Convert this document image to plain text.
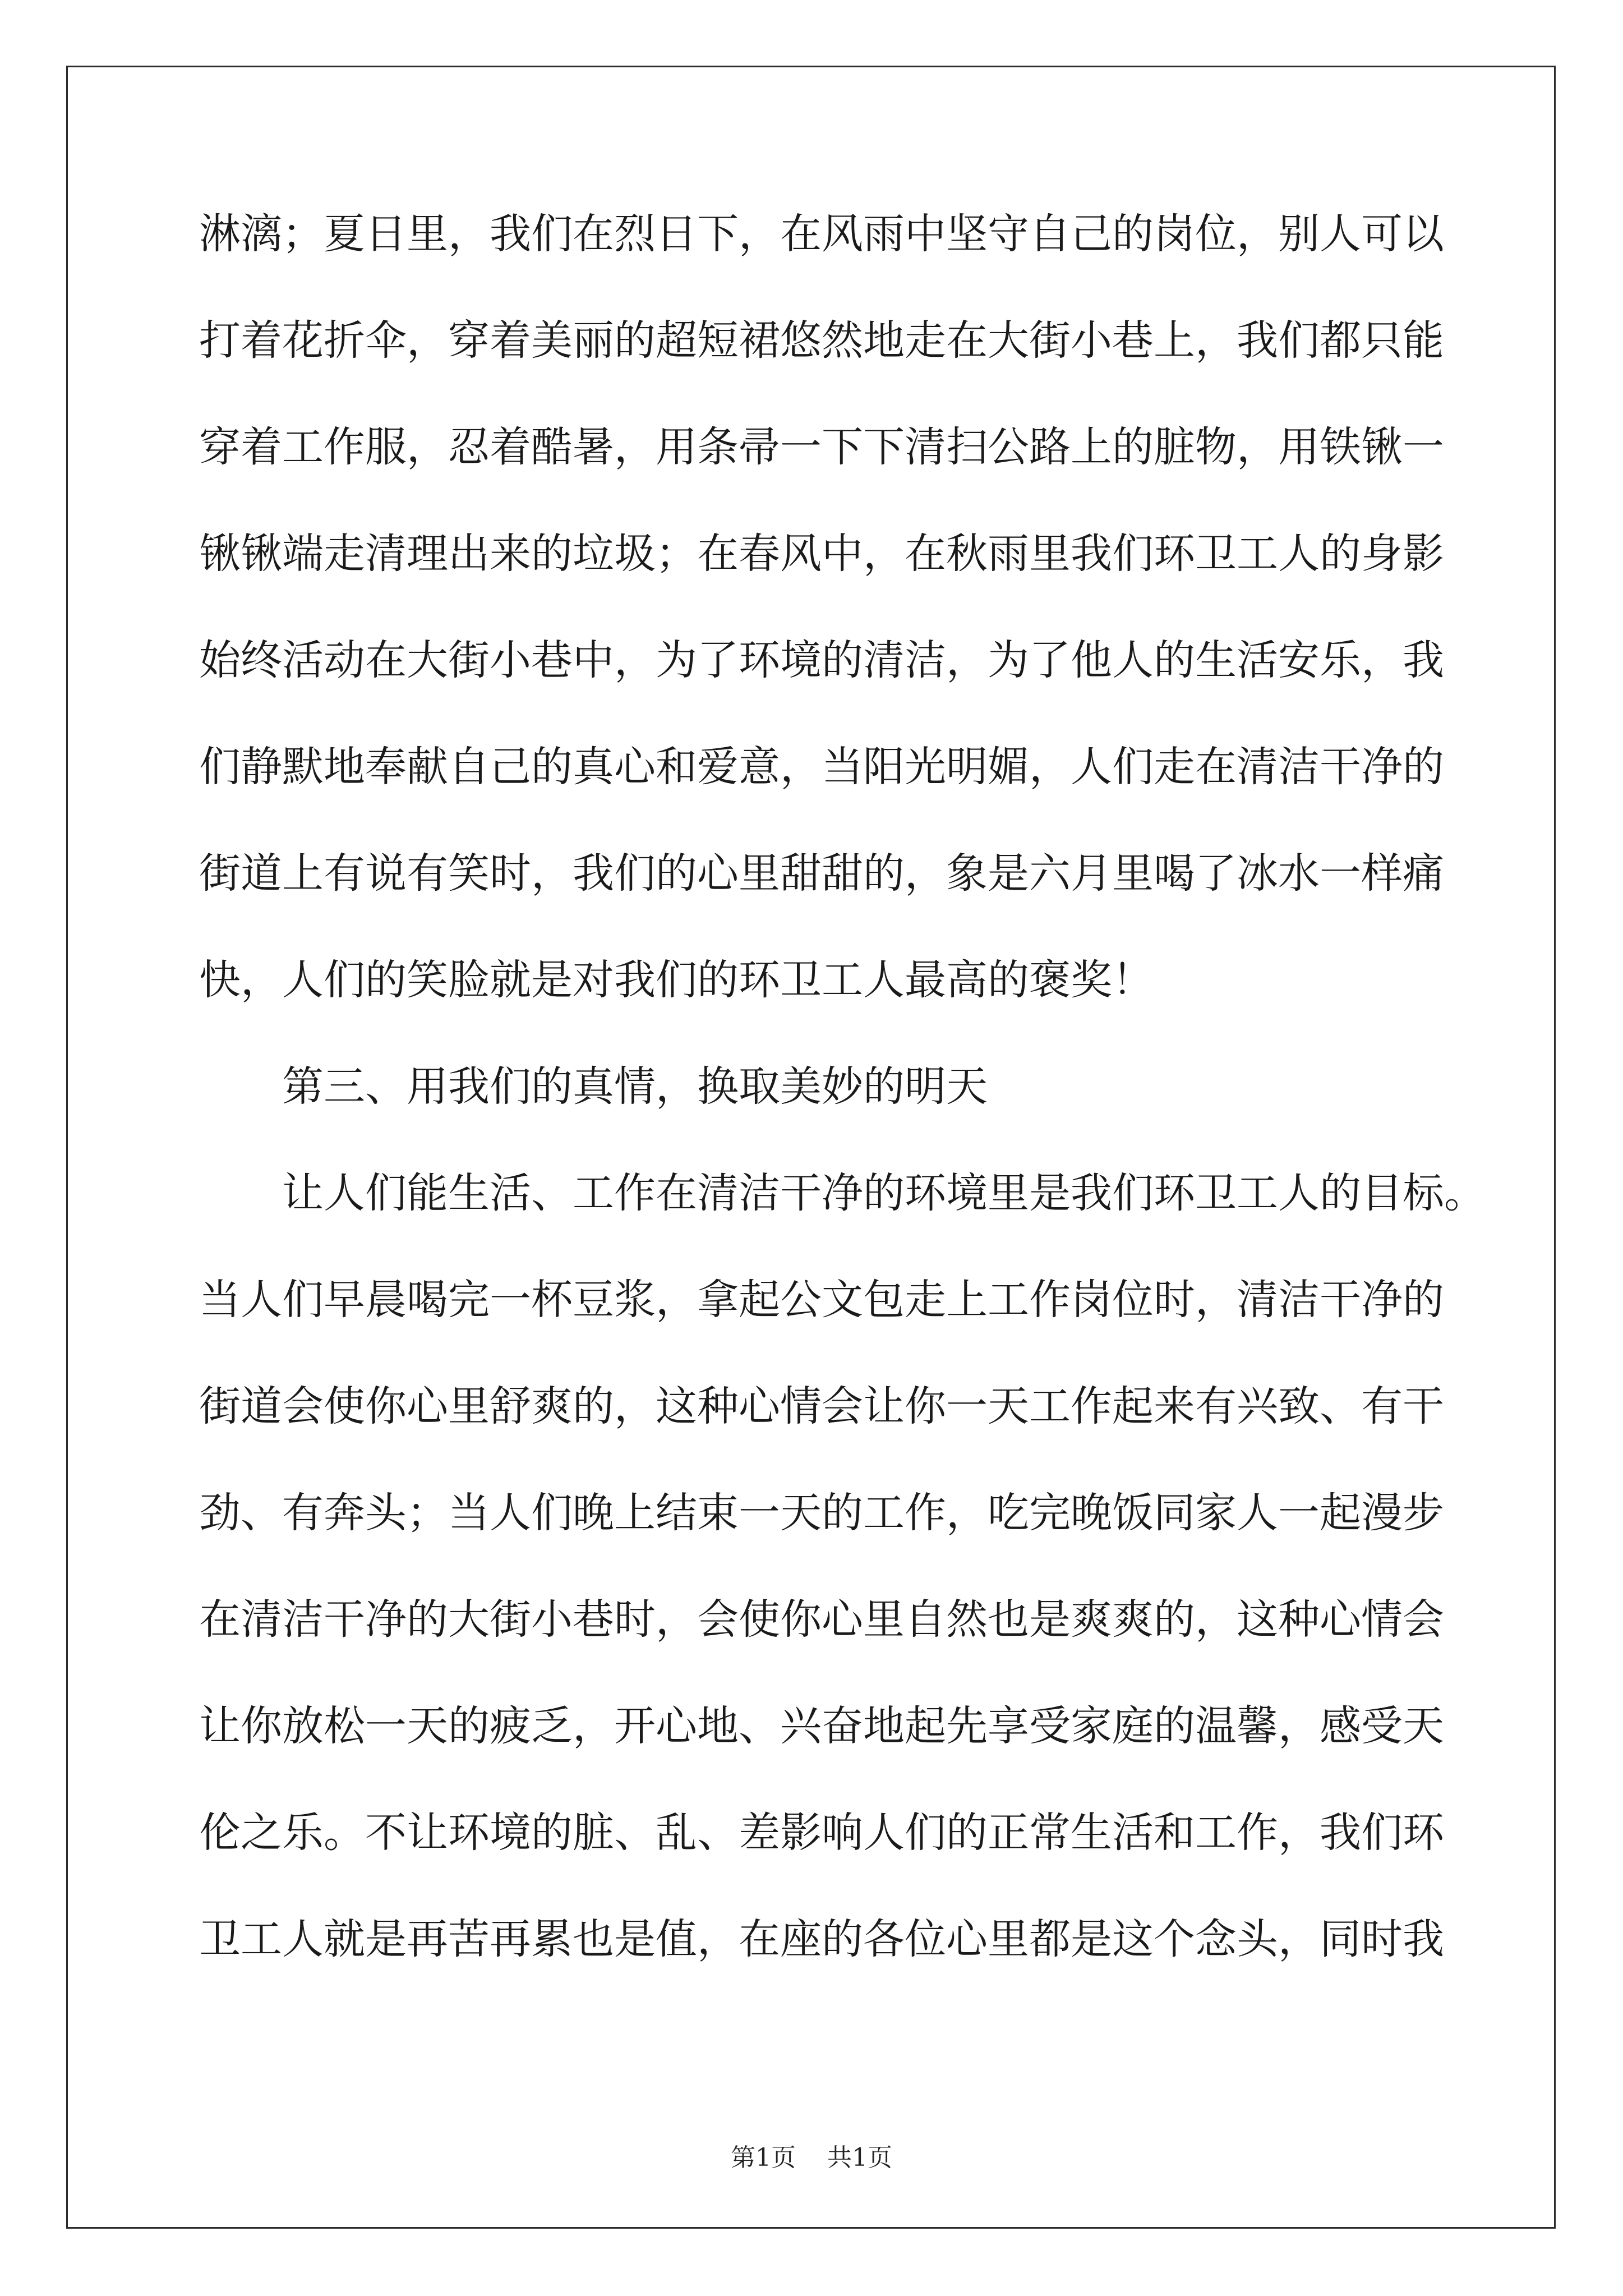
淋漓；夏日里，我们在烈日下，在风雨中坚守自己的岗位，别人可以
打着花折伞，穿着美丽的超短裙悠然地走在大街小巷上，我们都只能
穿着工作服，忍着酷暑，用条帚一下下清扫公路上的脏物，用铁锹一
锹锹端走清理出来的垃圾；在春风中，在秋雨里我们环卫工人的身影
始终活动在大街小巷中，为了环境的清洁，为了他人的生活安乐，我
们静默地奉献自己的真心和爱意，当阳光明媚，人们走在清洁干净的
街道上有说有笑时，我们的心里甜甜的，象是六月里喝了冰水一样痛
快，人们的笑脸就是对我们的环卫工人最高的褒奖！
第三、用我们的真情，换取美妙的明天
让人们能生活、工作在清洁干净的环境里是我们环卫工人的目标。
当人们早晨喝完一杯豆浆，拿起公文包走上工作岗位时，清洁干净的
街道会使你心里舒爽的，这种心情会让你一天工作起来有兴致、有干
劲、有奔头；当人们晚上结束一天的工作，吃完晚饭同家人一起漫步
在清洁干净的大街小巷时，会使你心里自然也是爽爽的，这种心情会
让你放松一天的疲乏，开心地、兴奋地起先享受家庭的温馨，感受天
伦之乐。不让环境的脏、乱、差影响人们的正常生活和工作，我们环
卫工人就是再苦再累也是值，在座的各位心里都是这个念头，同时我
第1页 共1页
